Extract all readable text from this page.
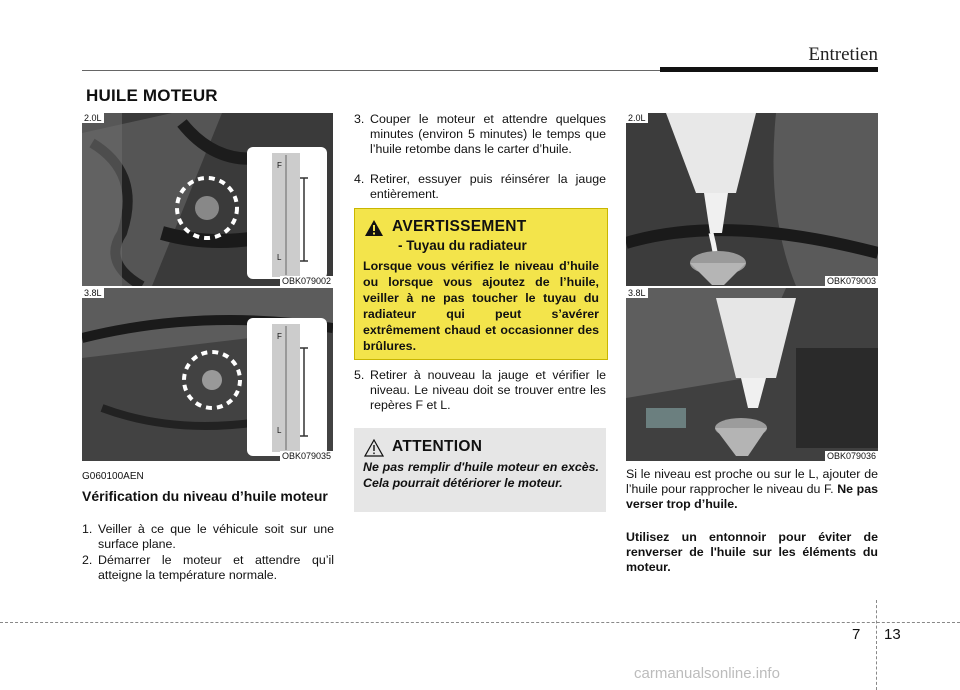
Entretien
HUILE MOTEUR
2.0L
F
L
OBK079002
3.8L
F
L
OBK079035
G060100AEN
Vérification du niveau d’huile moteur
1. Veiller à ce que le véhicule soit sur une surface plane.
2. Démarrer le moteur et attendre qu’il atteigne la température normale.
3. Couper le moteur et attendre quelques minutes (environ 5 minutes) le temps que l’huile retombe dans le carter d’huile.
4. Retirer, essuyer puis réinsérer la jauge entièrement.
AVERTISSEMENT
- Tuyau du radiateur
Lorsque vous vérifiez le niveau d’huile ou lorsque vous ajoutez de l’huile, veiller à ne pas toucher le tuyau du radiateur qui peut s’avérer extrêmement chaud et occasionner des brûlures.
5. Retirer à nouveau la jauge et vérifier le niveau. Le niveau doit se trouver entre les repères F et L.
ATTENTION
Ne pas remplir d'huile moteur en excès. Cela pourrait détériorer le moteur.
2.0L
OBK079003
3.8L
OBK079036
Si le niveau est proche ou sur le L, ajouter de l’huile pour rapprocher le niveau du F. Ne pas verser trop d’huile.
Utilisez un entonnoir pour éviter de renverser de l'huile sur les éléments du moteur.
7 13
carmanualsonline.info
